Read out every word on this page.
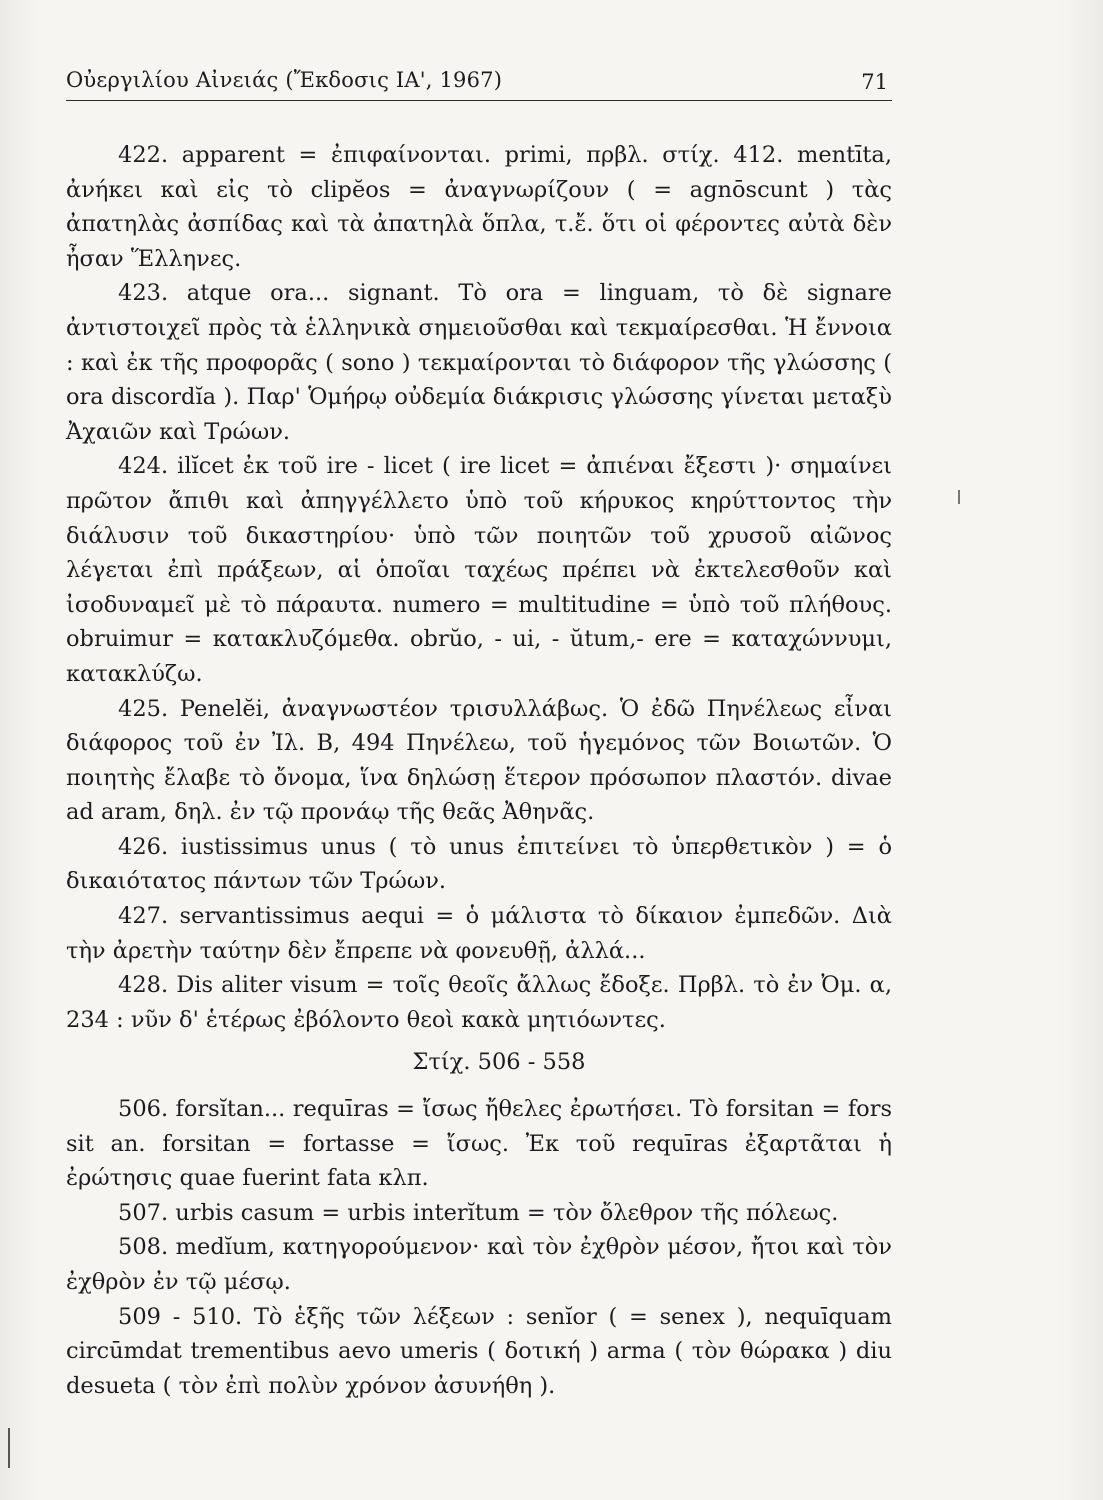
Οὐεργιλίου Αἰνειάς (Ἔκδοσις ΙΑ', 1967)	71

422. apparent = ἐπιφαίνονται. primi, πρβλ. στίχ. 412. mentīta, ἀνήκει καὶ εἰς τὸ clipĕos = ἀναγνωρίζουν ( = agnōscunt ) τὰς ἀπατηλὰς ἀσπίδας καὶ τὰ ἀπατηλὰ ὅπλα, τ.ἔ. ὅτι οἱ φέροντες αὐτὰ δὲν ἦσαν Ἕλληνες.

423. atque ora... signant. Τὸ ora = linguam, τὸ δὲ signare ἀντιστοιχεῖ πρὸς τὰ ἑλληνικὰ σημειοῦσθαι καὶ τεκμαίρεσθαι. Ἡ ἔννοια : καὶ ἐκ τῆς προφορᾶς ( sono ) τεκμαίρονται τὸ διάφορον τῆς γλώσσης ( ora discordĭa ). Παρ' Ὁμήρῳ οὐδεμία διάκρισις γλώσσης γίνεται μεταξὺ Ἀχαιῶν καὶ Τρώων.

424. ilĭcet ἐκ τοῦ ire - licet ( ire licet = ἀπιέναι ἔξεστι )· σημαίνει πρῶτον ἄπιθι καὶ ἀπηγγέλλετο ὑπὸ τοῦ κήρυκος κηρύττοντος τὴν διάλυσιν τοῦ δικαστηρίου· ὑπὸ τῶν ποιητῶν τοῦ χρυσοῦ αἰῶνος λέγεται ἐπὶ πράξεων, αἱ ὁποῖαι ταχέως πρέπει νὰ ἐκτελεσθοῦν καὶ ἰσοδυναμεῖ μὲ τὸ πάραυτα. numero = multitudine = ὑπὸ τοῦ πλήθους. obruimur = κατακλυζόμεθα. obrŭo, - ui, - ŭtum,- ere = καταχώννυμι, κατακλύζω.

425. Penelĕi, ἀναγνωστέον τρισυλλάβως. Ὁ ἐδῶ Πηνέλεως εἶναι διάφορος τοῦ ἐν Ἰλ. Β, 494 Πηνέλεω, τοῦ ἡγεμόνος τῶν Βοιωτῶν. Ὁ ποιητὴς ἔλαβε τὸ ὄνομα, ἵνα δηλώσῃ ἕτερον πρόσωπον πλαστόν. divae ad aram, δηλ. ἐν τῷ προνάῳ τῆς θεᾶς Ἀθηνᾶς.

426. iustissimus unus ( τὸ unus ἐπιτείνει τὸ ὑπερθετικὸν ) = ὁ δικαιότατος πάντων τῶν Τρώων.

427. servantissimus aequi = ὁ μάλιστα τὸ δίκαιον ἐμπεδῶν. Διὰ τὴν ἀρετὴν ταύτην δὲν ἔπρεπε νὰ φονευθῇ, ἀλλά...

428. Dis aliter visum = τοῖς θεοῖς ἄλλως ἔδοξε. Πρβλ. τὸ ἐν Ὀμ. α, 234 : νῦν δ' ἑτέρως ἐβόλοντο θεοὶ κακὰ μητιόωντες.

Στίχ. 506 - 558

506. forsĭtan... requīras = ἴσως ἤθελες ἐρωτήσει. Τὸ forsitan = fors sit an. forsitan = fortasse = ἴσως. Ἐκ τοῦ requīras ἐξαρτᾶται ἡ ἐρώτησις quae fuerint fata κλπ.

507. urbis casum = urbis interĭtum = τὸν ὄλεθρον τῆς πόλεως.

508. medĭum, κατηγορούμενον· καὶ τὸν ἐχθρὸν μέσον, ἤτοι καὶ τὸν ἐχθρὸν ἐν τῷ μέσῳ.

509 - 510. Τὸ ἑξῆς τῶν λέξεων : senĭor ( = senex ), nequīquam circūmdat trementibus aevo umeris ( δοτική ) arma ( τὸν θώρακα ) diu desueta ( τὸν ἐπὶ πολὺν χρόνον ἀσυνήθη ).
